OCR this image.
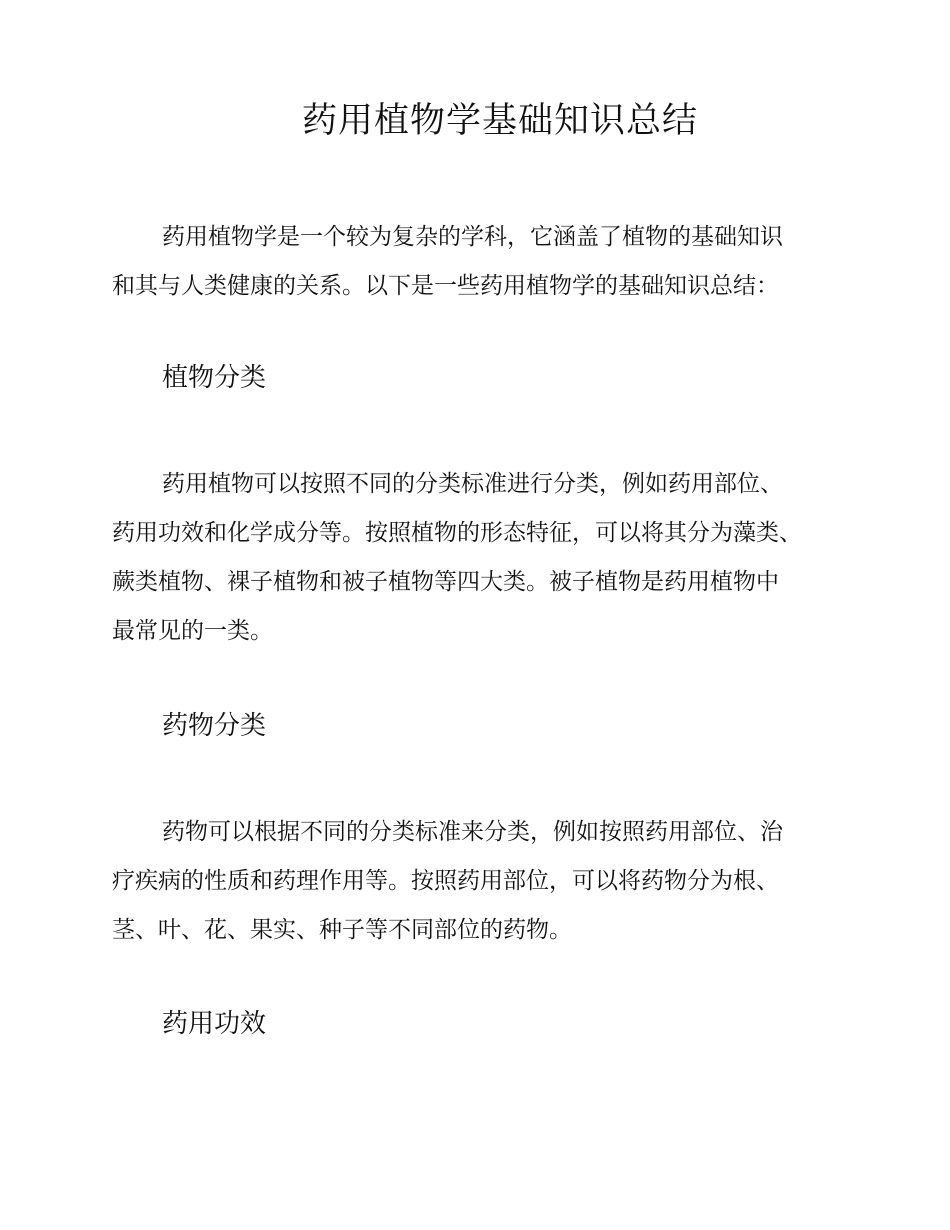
药用植物学基础知识总结
药用植物学是一个较为复杂的学科，它涵盖了植物的基础知识
和其与人类健康的关系。以下是一些药用植物学的基础知识总结：
植物分类
药用植物可以按照不同的分类标准进行分类，例如药用部位、
药用功效和化学成分等。按照植物的形态特征，可以将其分为藻类、
蕨类植物、裸子植物和被子植物等四大类。被子植物是药用植物中
最常见的一类。
药物分类
药物可以根据不同的分类标准来分类，例如按照药用部位、治
疗疾病的性质和药理作用等。按照药用部位，可以将药物分为根、
茎、叶、花、果实、种子等不同部位的药物。
药用功效
